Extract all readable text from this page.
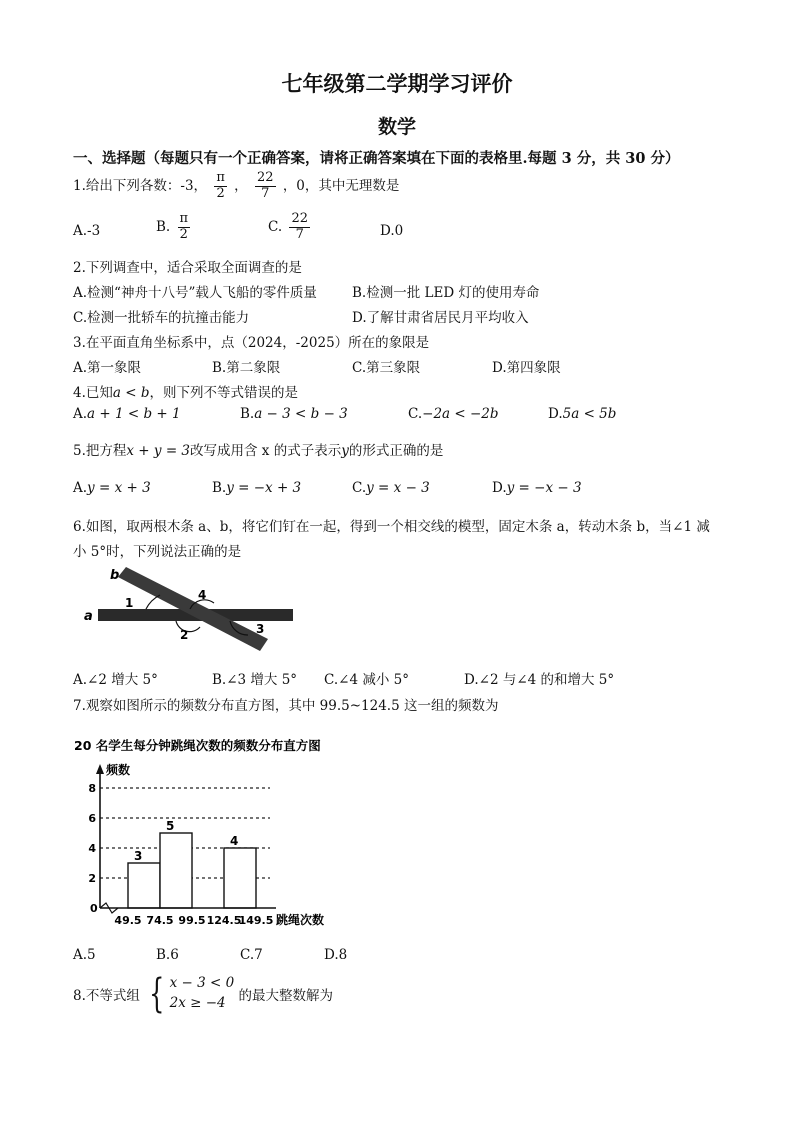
七年级第二学期学习评价
数学
一、选择题（每题只有一个正确答案，请将正确答案填在下面的表格里.每题 3 分，共 30 分）
1.给出下列各数：-3， $\frac{\pi}{2}$ ， $\frac{22}{7}$ ，0，其中无理数是
A.-3	B. $\frac{\pi}{2}$	C. $\frac{22}{7}$	D.0
2.下列调查中，适合采取全面调查的是
A.检测“神舟十八号”载人飞船的零件质量	B.检测一批 LED 灯的使用寿命
C.检测一批轿车的抗撞击能力	D.了解甘肃省居民月平均收入
3.在平面直角坐标系中，点（2024，-2025）所在的象限是
A.第一象限	B.第二象限	C.第三象限	D.第四象限
4.已知a < b，则下列不等式错误的是
A.a + 1 < b + 1	B.a − 3 < b − 3	C.−2a < −2b	D.5a < 5b
5.把方程x + y = 3改写成用含 x 的式子表示y的形式正确的是
A.y = x + 3	B.y = −x + 3	C.y = x − 3	D.y = −x − 3
6.如图，取两根木条 a、b，将它们钉在一起，得到一个相交线的模型，固定木条 a，转动木条 b，当∠1 减
小 5°时，下列说法正确的是
a
b
1
2	3
4
A.∠2 增大 5°	B.∠3 增大 5° C.∠4 减小 5°	D.∠2 与∠4 的和增大 5°
7.观察如图所示的频数分布直方图，其中 99.5~124.5 这一组的频数为
20 名学生每分钟跳绳次数的频数分布直方图
2
4
6
8
3
5
4
频数
0
49.5 74.5 99.5 124.5
149.5 跳绳次数
A.5	B.6	C.7	D.8
8.不等式组 { x − 3 < 0
2x ≥ −4 的最大整数解为
